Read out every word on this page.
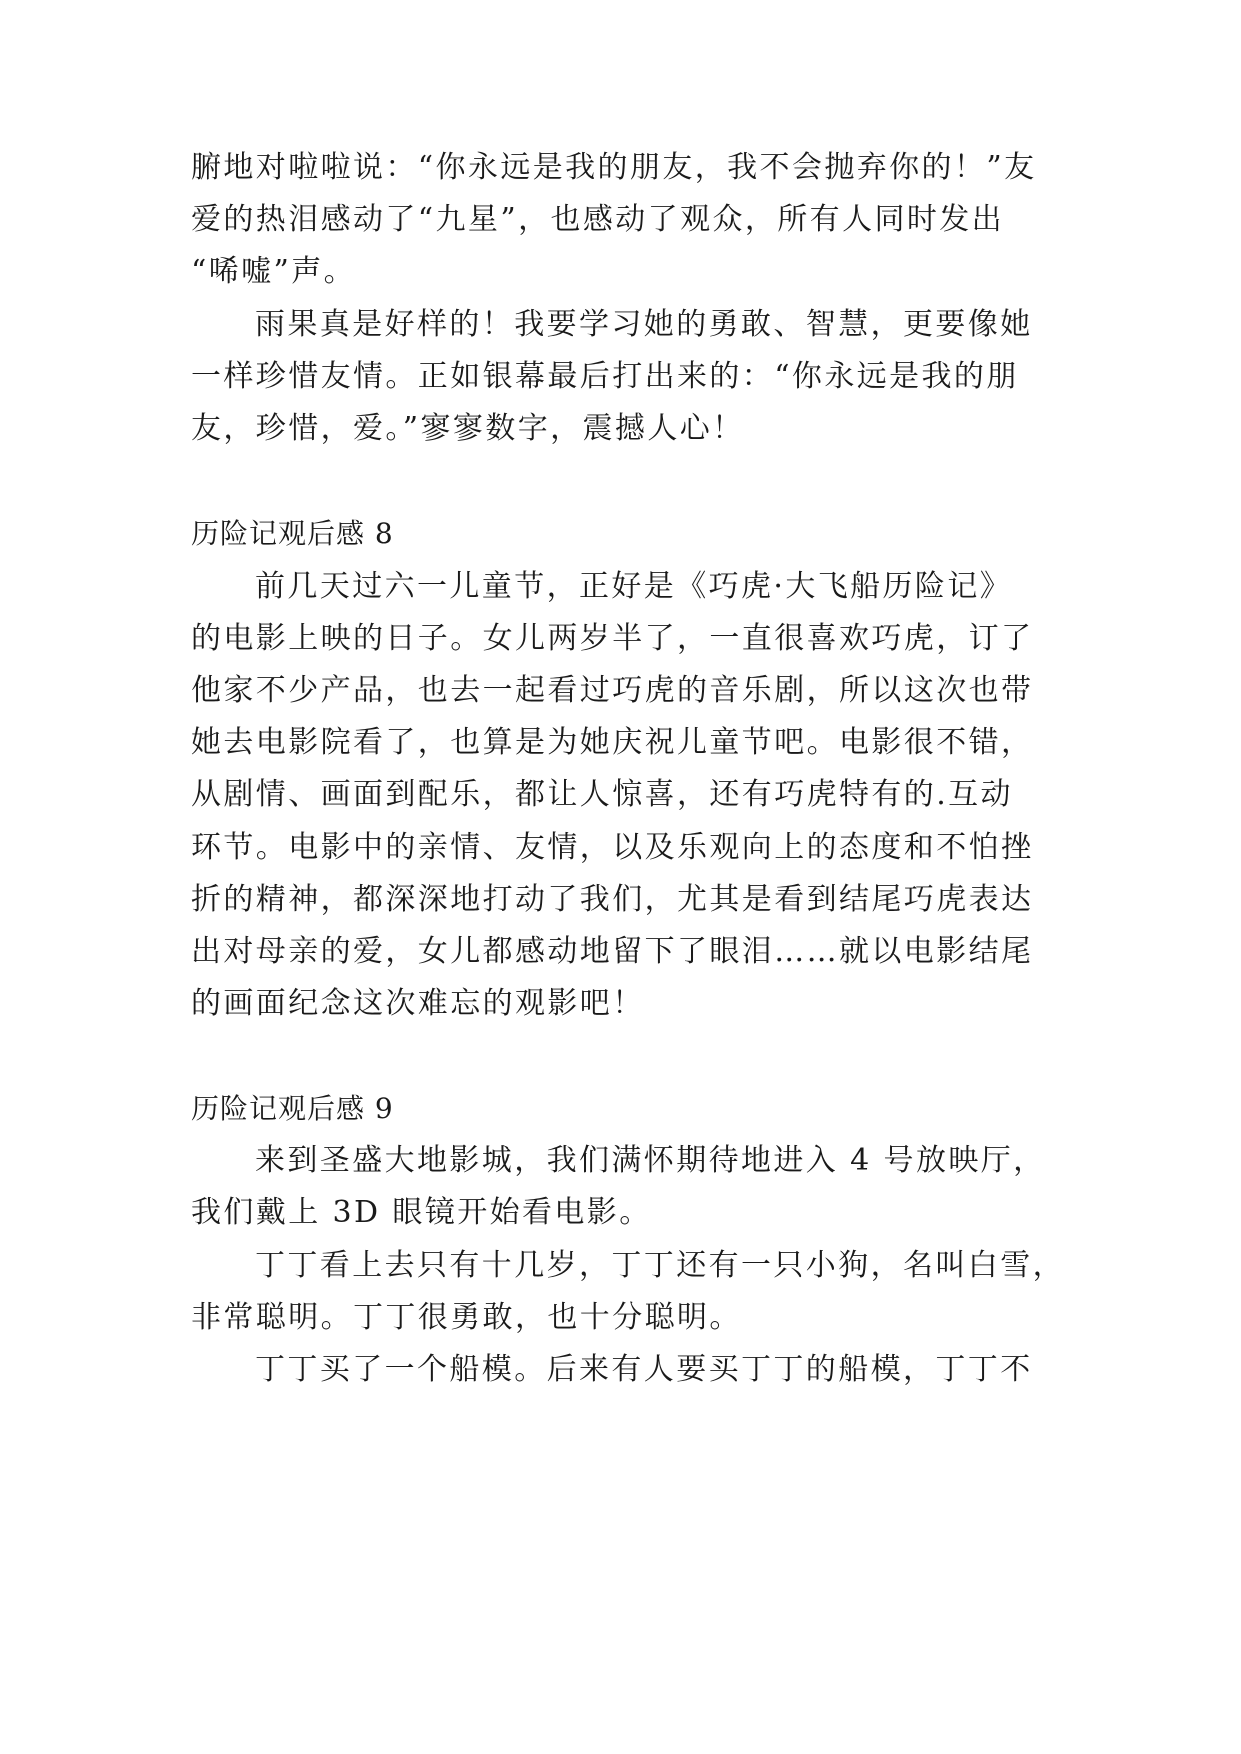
腑地对啦啦说：“你永远是我的朋友，我不会抛弃你的！”友
爱的热泪感动了“九星”，也感动了观众，所有人同时发出
“唏嘘”声。
雨果真是好样的！我要学习她的勇敢、智慧，更要像她
一样珍惜友情。正如银幕最后打出来的：“你永远是我的朋
友，珍惜，爱。”寥寥数字，震撼人心！
历险记观后感 8
前几天过六一儿童节，正好是《巧虎·大飞船历险记》
的电影上映的日子。女儿两岁半了，一直很喜欢巧虎，订了
他家不少产品，也去一起看过巧虎的音乐剧，所以这次也带
她去电影院看了，也算是为她庆祝儿童节吧。电影很不错，
从剧情、画面到配乐，都让人惊喜，还有巧虎特有的.互动
环节。电影中的亲情、友情，以及乐观向上的态度和不怕挫
折的精神，都深深地打动了我们，尤其是看到结尾巧虎表达
出对母亲的爱，女儿都感动地留下了眼泪……就以电影结尾
的画面纪念这次难忘的观影吧！
历险记观后感 9
来到圣盛大地影城，我们满怀期待地进入 4 号放映厅，
我们戴上 3D 眼镜开始看电影。
丁丁看上去只有十几岁，丁丁还有一只小狗，名叫白雪，
非常聪明。丁丁很勇敢，也十分聪明。
丁丁买了一个船模。后来有人要买丁丁的船模，丁丁不
